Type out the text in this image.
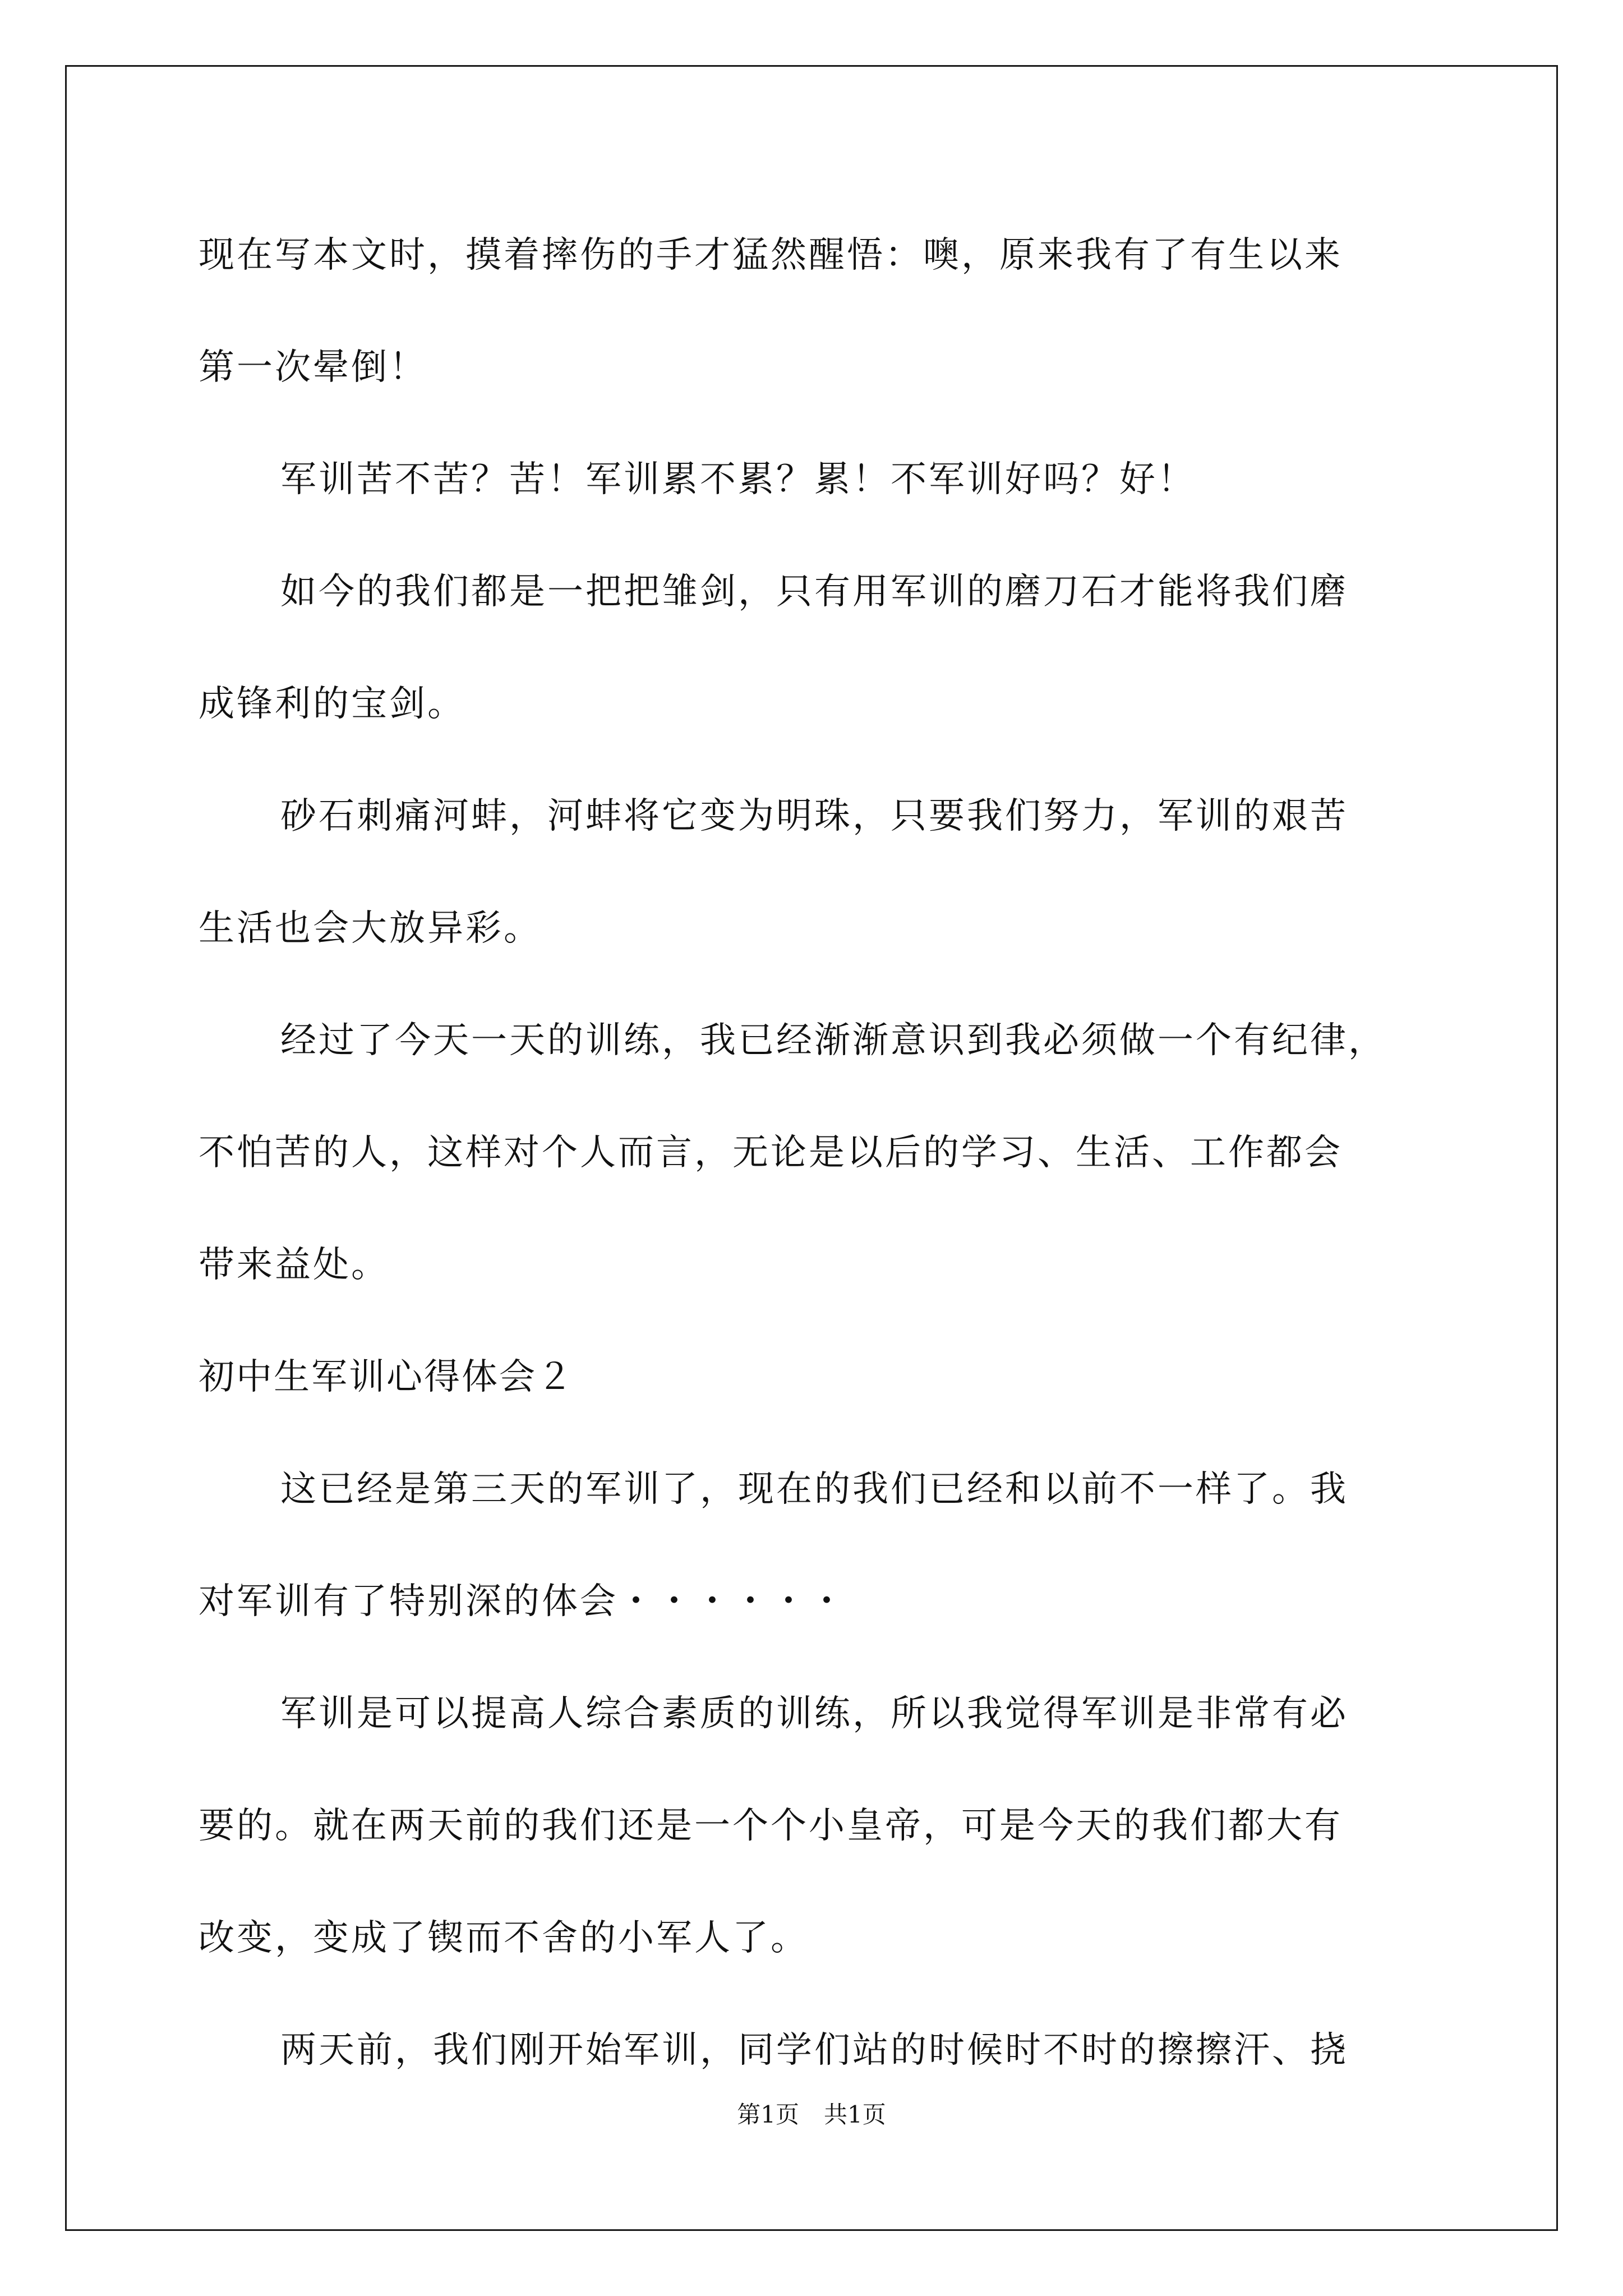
现在写本文时，摸着摔伤的手才猛然醒悟：噢，原来我有了有生以来
第一次晕倒！
军训苦不苦？苦！军训累不累？累！不军训好吗？好！
如今的我们都是一把把雏剑，只有用军训的磨刀石才能将我们磨
成锋利的宝剑。
砂石刺痛河蚌，河蚌将它变为明珠，只要我们努力，军训的艰苦
生活也会大放异彩。
经过了今天一天的训练，我已经渐渐意识到我必须做一个有纪律，
不怕苦的人，这样对个人而言，无论是以后的学习、生活、工作都会
带来益处。
初中生军训心得体会２
这已经是第三天的军训了，现在的我们已经和以前不一样了。我
对军训有了特别深的体会・・・・・・
军训是可以提高人综合素质的训练，所以我觉得军训是非常有必
要的。就在两天前的我们还是一个个小皇帝，可是今天的我们都大有
改变，变成了锲而不舍的小军人了。
两天前，我们刚开始军训，同学们站的时候时不时的擦擦汗、挠
第1页 共1页
